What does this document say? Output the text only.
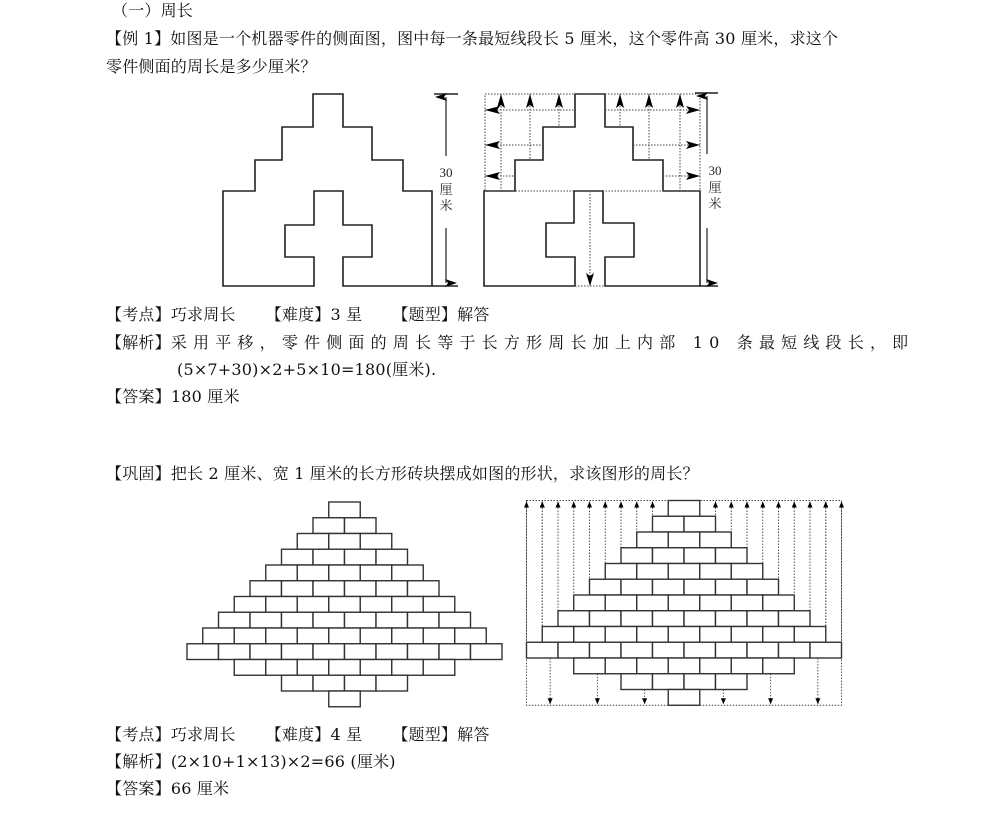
（一）周长
【例 1】如图是一个机器零件的侧面图，图中每一条最短线段长 5 厘米，这个零件高 30 厘米，求这个
零件侧面的周长是多少厘米？
30
厘
米
30
厘
米
【考点】巧求周长 【难度】3 星 【题型】解答
【解析】采用平移，零件侧面的周长等于长方形周长加上内部 10 条最短线段长，即
(5×7+30)×2+5×10=180(厘米).
【答案】180 厘米
【巩固】把长 2 厘米、宽 1 厘米的长方形砖块摆成如图的形状，求该图形的周长？
【考点】巧求周长 【难度】4 星 【题型】解答
【解析】(2×10+1×13)×2=66 (厘米)
【答案】66 厘米
